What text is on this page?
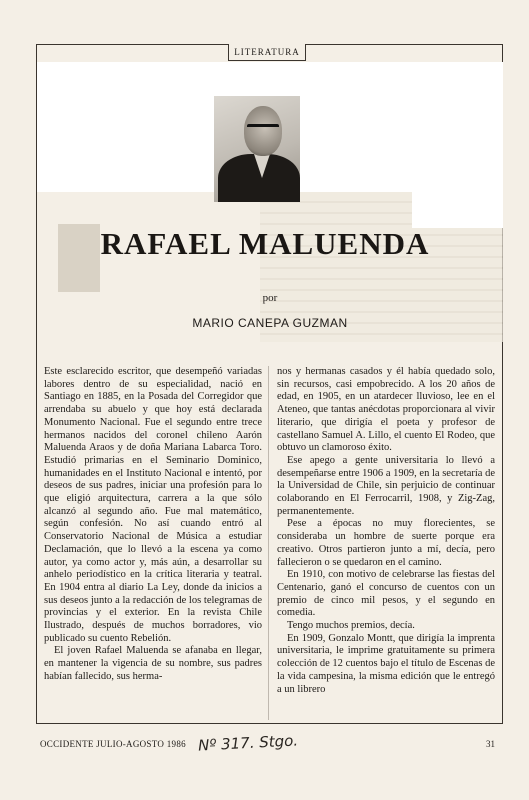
LITERATURA
RAFAEL MALUENDA
por
MARIO CANEPA GUZMAN

Este esclarecido escritor, que desempeñó variadas labores dentro de su especialidad, nació en Santiago en 1885, en la Posada del Corregidor que arrendaba su abuelo y que hoy está declarada Monumento Nacional. Fue el segundo entre trece hermanos nacidos del coronel chileno Aarón Maluenda Araos y de doña Mariana Labarca Toro. Estudió primarias en el Seminario Dominico, humanidades en el Instituto Nacional e intentó, por deseos de sus padres, iniciar una profesión para lo que eligió arquitectura, carrera a la que sólo alcanzó al segundo año. Fue mal matemático, según confesión. No así cuando entró al Conservatorio Nacional de Música a estudiar Declamación, que lo llevó a la escena ya como autor, ya como actor y, más aún, a desarrollar su anhelo periodístico en la crítica literaria y teatral. En 1904 entra al diario La Ley, donde da inicios a sus deseos junto a la redacción de los telegramas de provincias y el exterior. En la revista Chile Ilustrado, después de muchos borradores, vio publicado su cuento Rebelión.

El joven Rafael Maluenda se afanaba en llegar, en mantener la vigencia de su nombre, sus padres habían fallecido, sus herma-

nos y hermanas casados y él había quedado solo, sin recursos, casi empobrecido. A los 20 años de edad, en 1905, en un atardecer lluvioso, lee en el Ateneo, que tantas anécdotas proporcionara al vivir literario, que dirigía el poeta y profesor de castellano Samuel A. Lillo, el cuento El Rodeo, que obtuvo un clamoroso éxito.

Ese apego a gente universitaria lo llevó a desempeñarse entre 1906 a 1909, en la secretaría de la Universidad de Chile, sin perjuicio de continuar colaborando en El Ferrocarril, 1908, y Zig-Zag, permanentemente.

Pese a épocas no muy florecientes, se consideraba un hombre de suerte porque era creativo. Otros partieron junto a mí, decía, pero fallecieron o se quedaron en el camino.

En 1910, con motivo de celebrarse las fiestas del Centenario, ganó el concurso de cuentos con un premio de cinco mil pesos, y el segundo en comedia.

Tengo muchos premios, decía.

En 1909, Gonzalo Montt, que dirigía la imprenta universitaria, le imprime gratuitamente su primera colección de 12 cuentos bajo el título de Escenas de la vida campesina, la misma edición que le entregó a un librero

OCCIDENTE JULIO-AGOSTO 1986 Nº 317. Stgo.	31
